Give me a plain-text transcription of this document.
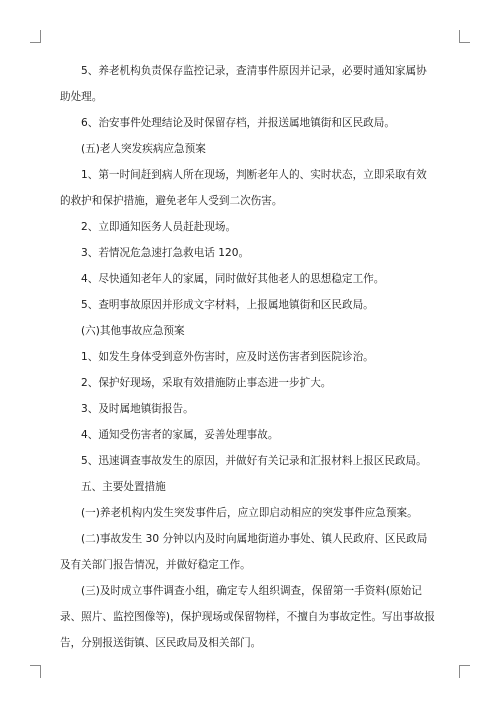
5、养老机构负责保存监控记录，查清事件原因并记录，必要时通知家属协助处理。

6、治安事件处理结论及时保留存档，并报送属地镇街和区民政局。

(五)老人突发疾病应急预案

1、第一时间赶到病人所在现场，判断老年人的、实时状态，立即采取有效的救护和保护措施，避免老年人受到二次伤害。

2、立即通知医务人员赶赴现场。

3、若情况危急速打急救电话 120。

4、尽快通知老年人的家属，同时做好其他老人的思想稳定工作。

5、查明事故原因并形成文字材料，上报属地镇街和区民政局。

(六)其他事故应急预案

1、如发生身体受到意外伤害时，应及时送伤害者到医院诊治。

2、保护好现场，采取有效措施防止事态进一步扩大。

3、及时属地镇街报告。

4、通知受伤害者的家属，妥善处理事故。

5、迅速调查事故发生的原因，并做好有关记录和汇报材料上报区民政局。

五、主要处置措施

(一)养老机构内发生突发事件后，应立即启动相应的突发事件应急预案。

(二)事故发生 30 分钟以内及时向属地街道办事处、镇人民政府、区民政局及有关部门报告情况，并做好稳定工作。

(三)及时成立事件调查小组，确定专人组织调查，保留第一手资料(原始记录、照片、监控图像等)，保护现场或保留物样，不擅自为事故定性。写出事故报告，分别报送街镇、区民政局及相关部门。
